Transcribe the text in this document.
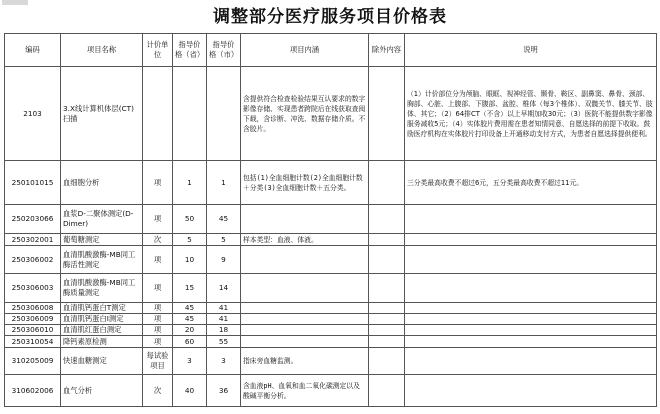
调整部分医疗服务项目价格表
编码	项目名称	计价单位	指导价格（省）	指导价格（市）	项目内涵	除外内容	说明
2103	3.X线计算机体层(CT)扫描				含提供符合检查检验结果互认要求的数字影像存储、实现患者跨院后在线获取查阅下载，含诊断、冲洗、数据存储介质。不含胶片。		（1）计价部位分为颅脑、眼眶、视神经管、颞骨、鞍区、副鼻窦、鼻骨、颈部、胸部、心脏、上腹部、下腹部、盆腔、椎体（每3个椎体）、双髋关节、膝关节、肢体、其它；（2）64排CT（不含）以上早期加收30元；（3）医院不能提供数字影像服务减收5元；（4）实体胶片费用需在患者知情同意、自愿选择的前提下收取。鼓励医疗机构在实体胶片打印设备上开通移动支付方式，为患者自愿选择提供便利。
250101015	血细胞分析	项	1	1	包括(1)全血细胞计数(2)全血细胞计数＋分类(3)全血细胞计数＋五分类。		三分类最高收费不超过6元，五分类最高收费不超过11元。
250203066	血浆D-二聚体测定(D-Dimer)	项	50	45			
250302001	葡萄糖测定	次	5	5	样本类型：血液、体液。		
250306002	血清肌酸激酶-MB同工酶活性测定	项	10	9			
250306003	血清肌酸激酶-MB同工酶质量测定	项	15	14			
250306008	血清肌钙蛋白T测定	项	45	41			
250306009	血清肌钙蛋白Ⅰ测定	项	45	41			
250306010	血清肌红蛋白测定	项	20	18			
250310054	降钙素原检测	项	60	55			
310205009	快速血糖测定	每试验项目	3	3	指床旁血糖监测。		
310602006	血气分析	次	40	36	含血液pH、血氧和血二氧化碳测定以及酸碱平衡分析。		
